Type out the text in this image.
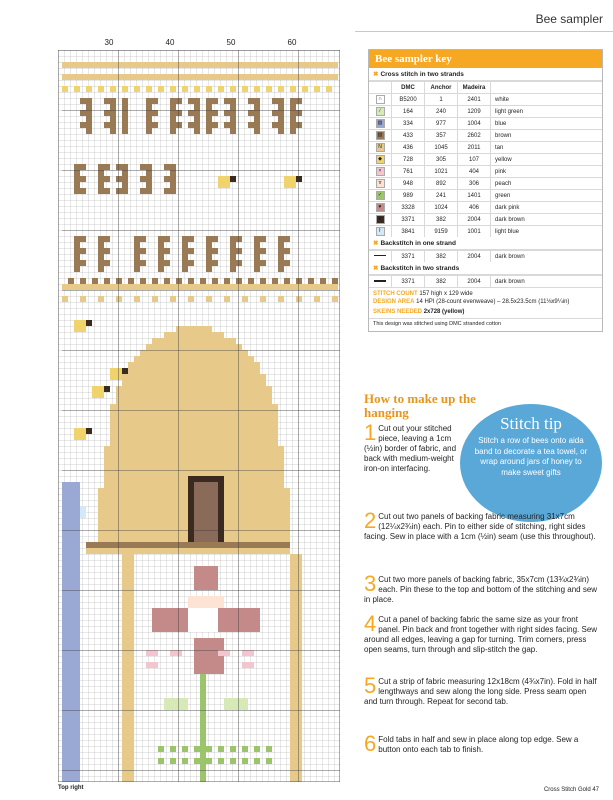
Bee sampler
30	40	50	60
Top right
Bee sampler key
✖ Cross stitch in two strands
	DMC	Anchor	Madeira	
∩	B5200	1	2401	white
∕	164	240	1209	light green
▧	334	977	1004	blue
▨	433	357	2602	brown
N	436	1045	2011	tan
◆	728	305	107	yellow
×	761	1021	404	pink
ɤ	948	892	306	peach
✓	989	241	1401	green
♥	3328	1024	406	dark pink
■	3371	382	2004	dark brown
ŀ	3841	9159	1001	light blue
✖ Backstitch in one strand
	3371	382	2004	dark brown
✖ Backstitch in two strands
	3371	382	2004	dark brown
STITCH COUNT 157 high x 129 wide
DESIGN AREA 14 HPI (28-count evenweave) – 28.5x23.5cm (11⅛x9¼in)
SKEINS NEEDED 2x728 (yellow)
This design was stitched using DMC stranded cotton
How to make up the hanging
Stitch tip
Stitch a row of bees onto aida band to decorate a tea towel, or wrap around jars of honey to make sweet gifts
1 Cut out your stitched piece, leaving a 1cm (½in) border of fabric, and back with medium-weight iron-on interfacing.
2 Cut out two panels of backing fabric measuring 31x7cm (12¼x2¾in) each. Pin to either side of stitching, right sides facing. Sew in place with a 1cm (½in) seam (use this throughout).
3 Cut two more panels of backing fabric, 35x7cm (13¾x2¾in) each. Pin these to the top and bottom of the stitching and sew in place.
4 Cut a panel of backing fabric the same size as your front panel. Pin back and front together with right sides facing. Sew around all edges, leaving a gap for turning. Trim corners, press open seams, turn through and slip-stitch the gap.
5 Cut a strip of fabric measuring 12x18cm (4¾x7in). Fold in half lengthways and sew along the long side. Press seam open and turn through. Repeat for second tab.
6 Fold tabs in half and sew in place along top edge. Sew a button onto each tab to finish.
Cross Stitch Gold 47
